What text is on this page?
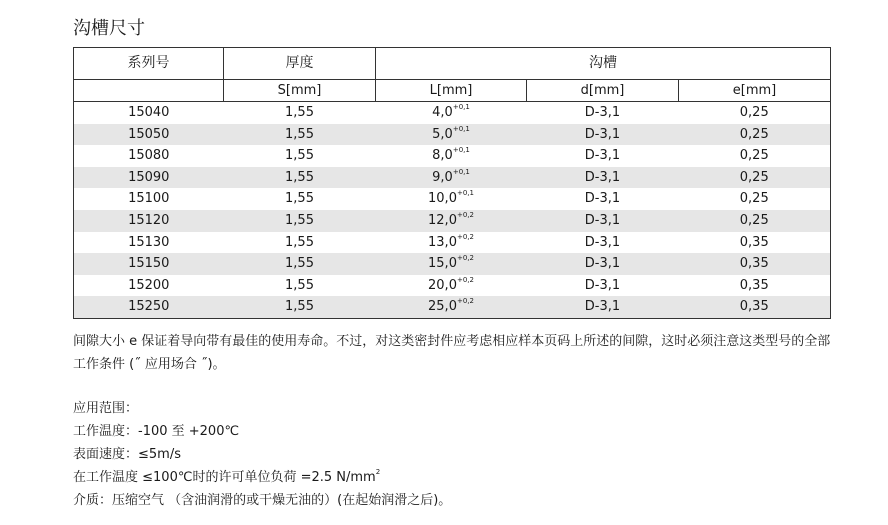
沟槽尺寸
系列号	厚度	沟槽		
	S[mm]	L[mm]	d[mm]	e[mm]
15040	1,55	$4,0^{+0,1}$	D-3,1	0,25
15050	1,55	$5,0^{+0,1}$	D-3,1	0,25
15080	1,55	$8,0^{+0,1}$	D-3,1	0,25
15090	1,55	$9,0^{+0,1}$	D-3,1	0,25
15100	1,55	$10,0^{+0,1}$	D-3,1	0,25
15120	1,55	$12,0^{+0,2}$	D-3,1	0,25
15130	1,55	$13,0^{+0,2}$	D-3,1	0,35
15150	1,55	$15,0^{+0,2}$	D-3,1	0,35
15200	1,55	$20,0^{+0,2}$	D-3,1	0,35
15250	1,55	$25,0^{+0,2}$	D-3,1	0,35
间隙大小 e 保证着导向带有最佳的使用寿命。不过，对这类密封件应考虑相应样本页码上所述的间隙，这时必须注意这类型号的全部工作条件 (˝ 应用场合 ˝)。
应用范围：
工作温度：-100 至 +200℃
表面速度：≤5m/s
在工作温度 ≤100℃时的许可单位负荷 =2.5 $N/mm^2$
介质：压缩空气 （含油润滑的或干燥无油的）(在起始润滑之后)。
